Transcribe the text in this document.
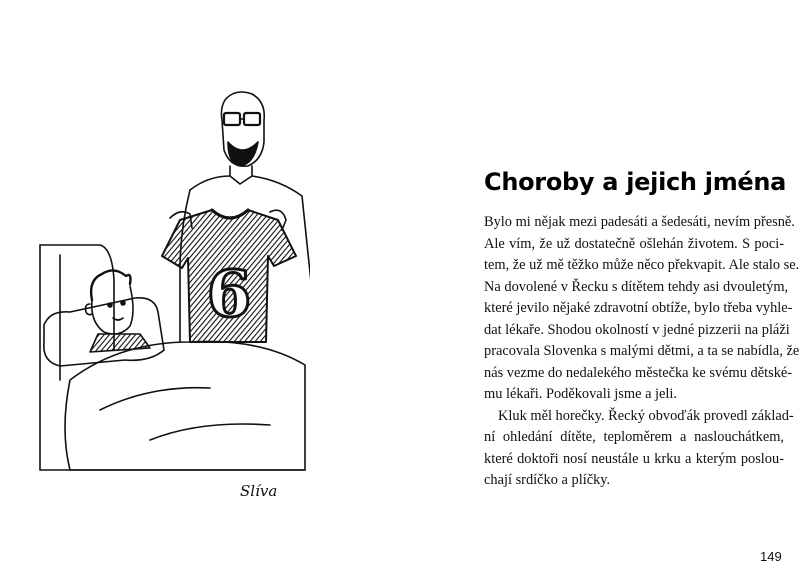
6
Slíva
Choroby a jejich jména
Bylo mi nějak mezi padesáti a šedesáti, nevím přesně.
Ale vím, že už dostatečně ošlehán životem. S poci-
tem, že už mě těžko může něco překvapit. Ale stalo se.
Na dovolené v Řecku s dítětem tehdy asi dvouletým,
které jevilo nějaké zdravotní obtíže, bylo třeba vyhle-
dat lékaře. Shodou okolností v jedné pizzerii na pláži
pracovala Slovenka s malými dětmi, a ta se nabídla, že
nás vezme do nedalekého městečka ke svému dětské-
mu lékaři. Poděkovali jsme a jeli.
Kluk měl horečky. Řecký obvoďák provedl základ-
ní ohledání dítěte, teploměrem a naslouchátkem,
které doktoři nosí neustále u krku a kterým poslou-
chají srdíčko a plíčky.
149
